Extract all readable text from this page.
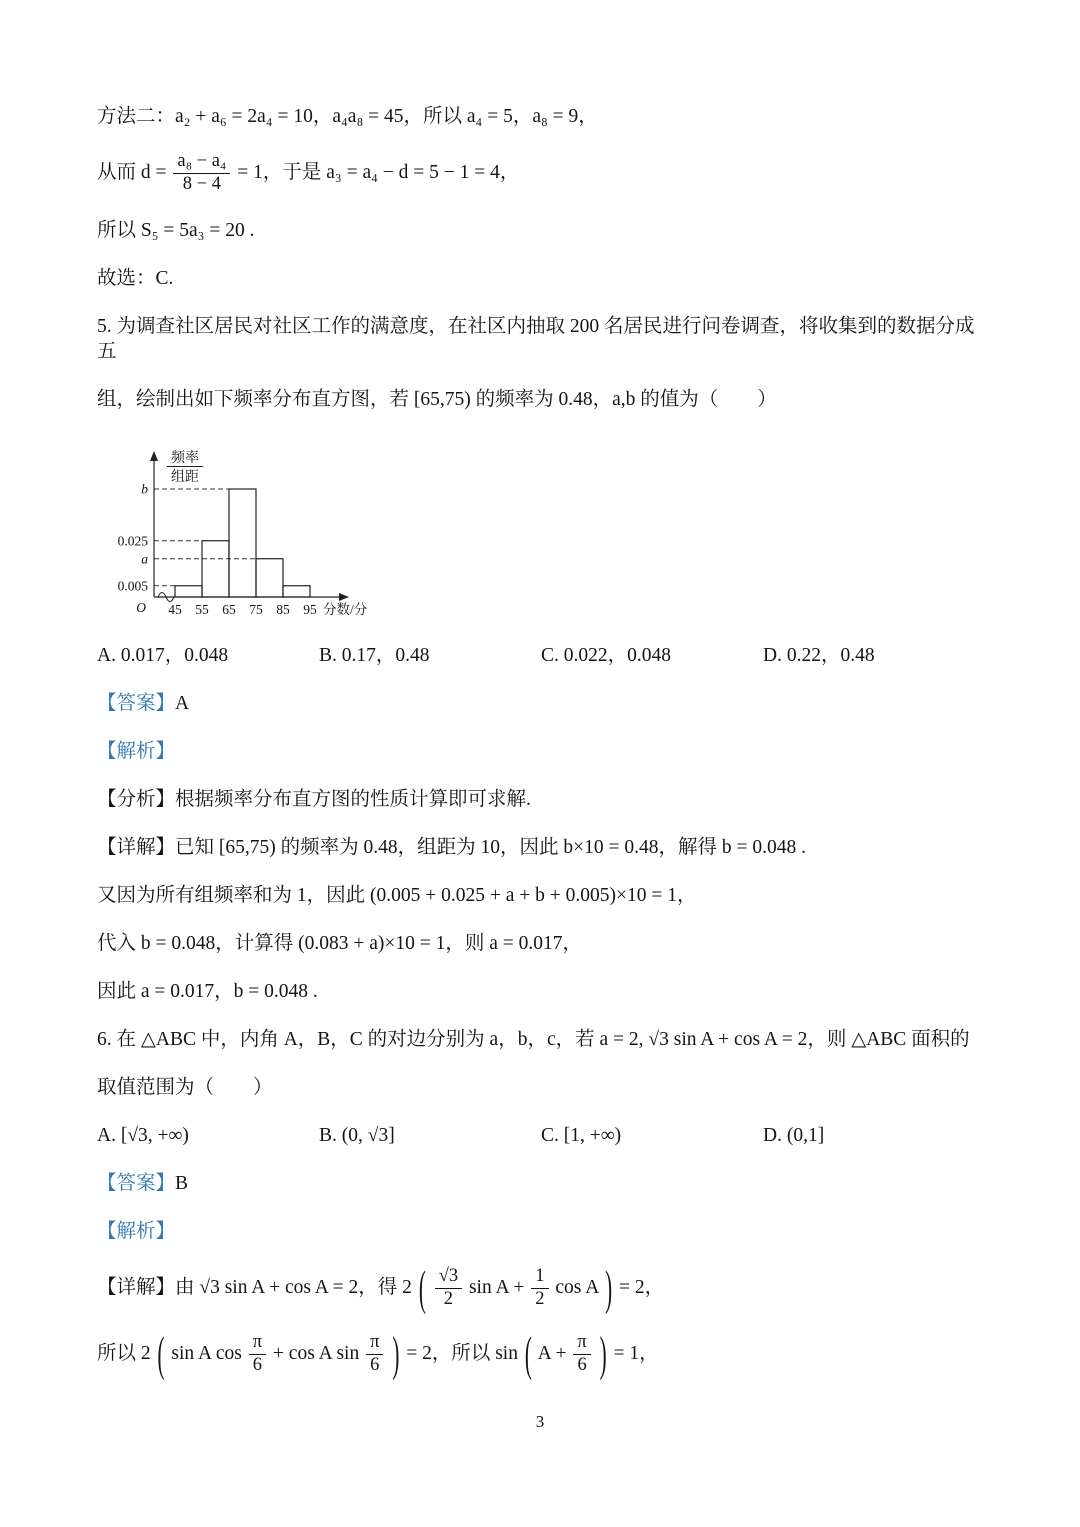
方法二：a₂ + a₆ = 2a₄ = 10，a₄a₈ = 45，所以 a₄ = 5，a₈ = 9，

从而 $d = \frac{\text{a₈ − a₄}}{8 - 4} = 1$，于是 a₃ = a₄ − d = 5 − 1 = 4，

所以 S₅ = 5a₃ = 20 .

故选：C.

5. 为调查社区居民对社区工作的满意度，在社区内抽取 200 名居民进行问卷调查，将收集到的数据分成五

组，绘制出如下频率分布直方图，若 [65,75) 的频率为 0.48，a,b 的值为（　　）

b
0.025
a
0.005
45 55 65 75 85 95
O	分数/分
频率
组距
A. 0.017，0.048	B. 0.17，0.48	C. 0.022，0.048	D. 0.22，0.48

【答案】A

【解析】

【分析】根据频率分布直方图的性质计算即可求解.

【详解】已知 [65,75) 的频率为 0.48，组距为 10，因此 b×10 = 0.48，解得 b = 0.048 .

又因为所有组频率和为 1，因此 (0.005 + 0.025 + a + b + 0.005)×10 = 1，

代入 b = 0.048，计算得 (0.083 + a)×10 = 1，则 a = 0.017，

因此 a = 0.017，b = 0.048 .

6. 在 △ABC 中，内角 A，B，C 的对边分别为 a，b，c，若 a = 2, √3 sin A + cos A = 2，则 △ABC 面积的

取值范围为（　　）

A. [√3, +∞)	B. (0, √3]	C. [1, +∞)	D. (0,1]

【答案】B

【解析】

【详解】由 √3 sin A + cos A = 2，得 2 ( $\frac{√3}{2}$ $\sin A + \frac{1}{2}$ cos A ) = 2，

所以 2 ( sin A $\cos \frac{\pi}{6} + \cos A$ $\sin \frac{\pi}{6}$ ) = 2，所以 sin ( $A + \frac{\pi}{6}$ ) = 1，

3
